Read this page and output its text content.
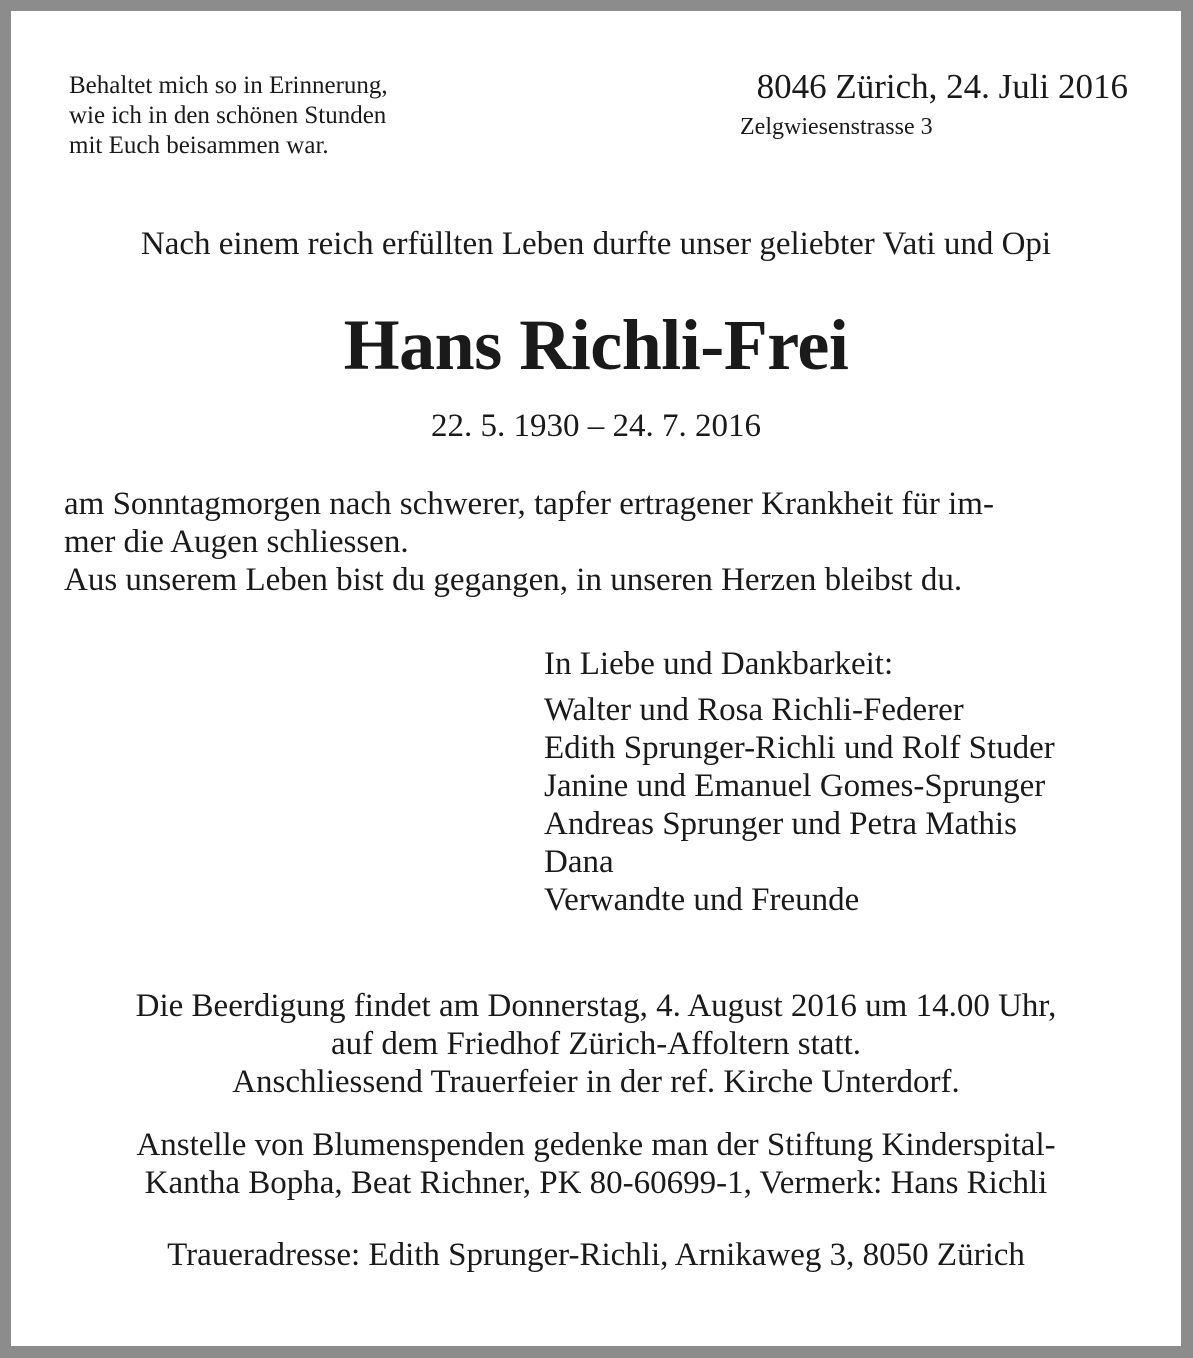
Behaltet mich so in Erinnerung,
wie ich in den schönen Stunden
mit Euch beisammen war.
8046 Zürich, 24. Juli 2016
Zelgwiesenstrasse 3
Nach einem reich erfüllten Leben durfte unser geliebter Vati und Opi
Hans Richli-Frei
22. 5. 1930 – 24. 7. 2016
am Sonntagmorgen nach schwerer, tapfer ertragener Krankheit für im-
mer die Augen schliessen.
Aus unserem Leben bist du gegangen, in unseren Herzen bleibst du.
In Liebe und Dankbarkeit:
Walter und Rosa Richli-Federer
Edith Sprunger-Richli und Rolf Studer
Janine und Emanuel Gomes-Sprunger
Andreas Sprunger und Petra Mathis
Dana
Verwandte und Freunde
Die Beerdigung findet am Donnerstag, 4. August 2016 um 14.00 Uhr,
auf dem Friedhof Zürich-Affoltern statt.
Anschliessend Trauerfeier in der ref. Kirche Unterdorf.
Anstelle von Blumenspenden gedenke man der Stiftung Kinderspital-
Kantha Bopha, Beat Richner, PK 80-60699-1, Vermerk: Hans Richli
Traueradresse: Edith Sprunger-Richli, Arnikaweg 3, 8050 Zürich
